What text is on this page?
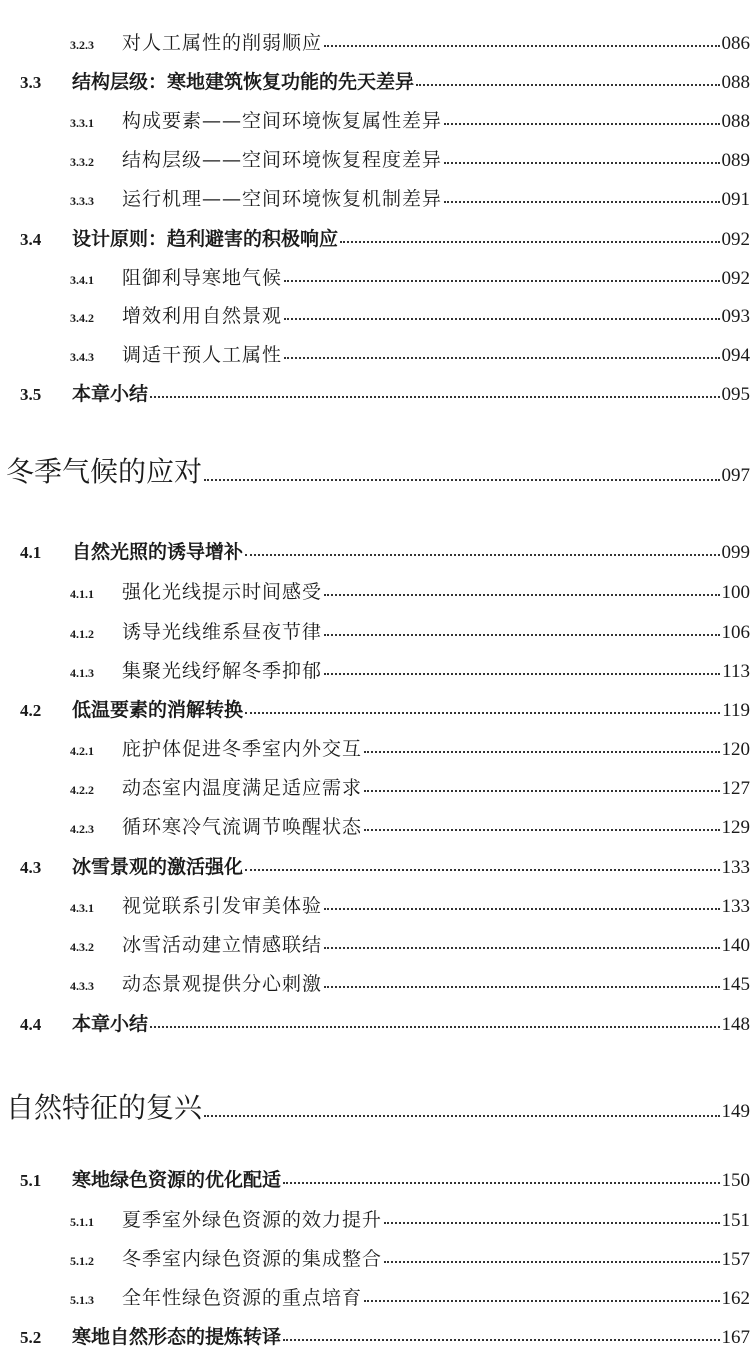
3.2.3	对人工属性的削弱顺应	086
3.3	结构层级：寒地建筑恢复功能的先天差异	088
3.3.1	构成要素——空间环境恢复属性差异	088
3.3.2	结构层级——空间环境恢复程度差异	089
3.3.3	运行机理——空间环境恢复机制差异	091
3.4	设计原则：趋利避害的积极响应	092
3.4.1	阻御利导寒地气候	092
3.4.2	增效利用自然景观	093
3.4.3	调适干预人工属性	094
3.5	本章小结	095
冬季气候的应对	097
4.1	自然光照的诱导增补	099
4.1.1	强化光线提示时间感受	100
4.1.2	诱导光线维系昼夜节律	106
4.1.3	集聚光线纾解冬季抑郁	113
4.2	低温要素的消解转换	119
4.2.1	庇护体促进冬季室内外交互	120
4.2.2	动态室内温度满足适应需求	127
4.2.3	循环寒冷气流调节唤醒状态	129
4.3	冰雪景观的激活强化	133
4.3.1	视觉联系引发审美体验	133
4.3.2	冰雪活动建立情感联结	140
4.3.3	动态景观提供分心刺激	145
4.4	本章小结	148
自然特征的复兴	149
5.1	寒地绿色资源的优化配适	150
5.1.1	夏季室外绿色资源的效力提升	151
5.1.2	冬季室内绿色资源的集成整合	157
5.1.3	全年性绿色资源的重点培育	162
5.2	寒地自然形态的提炼转译	167
